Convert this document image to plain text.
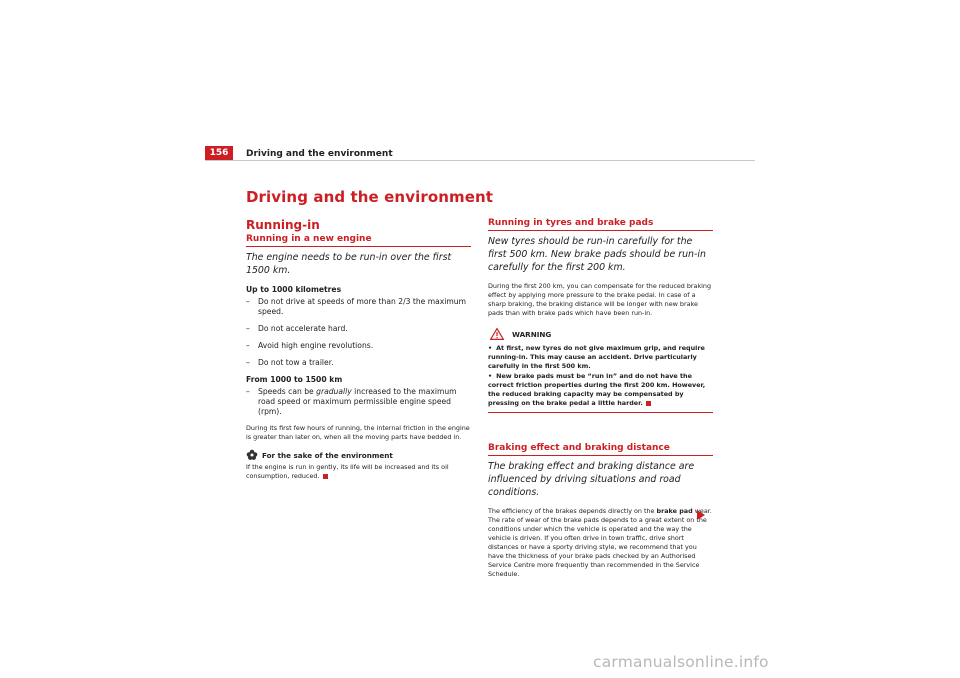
156	Driving and the environment
Driving and the environment
Running-in
Running in a new engine
The engine needs to be run-in over the first 1500 km.
Up to 1000 kilometres
– Do not drive at speeds of more than 2/3 the maximum speed.
– Do not accelerate hard.
– Avoid high engine revolutions.
– Do not tow a trailer.
From 1000 to 1500 km
– Speeds can be gradually increased to the maximum road speed or maximum permissible engine speed (rpm).
During its first few hours of running, the internal friction in the engine is greater than later on, when all the moving parts have bedded in.
For the sake of the environment
If the engine is run in gently, its life will be increased and its oil consumption, reduced.
Running in tyres and brake pads
New tyres should be run-in carefully for the first 500 km. New brake pads should be run-in carefully for the first 200 km.
During the first 200 km, you can compensate for the reduced braking effect by applying more pressure to the brake pedal. In case of a sharp braking, the braking distance will be longer with new brake pads than with brake pads which have been run-in.
WARNING
• At first, new tyres do not give maximum grip, and require running-in. This may cause an accident. Drive particularly carefully in the first 500 km.
• New brake pads must be “run in” and do not have the correct friction properties during the first 200 km. However, the reduced braking capacity may be compensated by pressing on the brake pedal a little harder.
Braking effect and braking distance
The braking effect and braking distance are influenced by driving situations and road conditions.
The efficiency of the brakes depends directly on the brake pad wear. The rate of wear of the brake pads depends to a great extent on the conditions under which the vehicle is operated and the way the vehicle is driven. If you often drive in town traffic, drive short distances or have a sporty driving style, we recommend that you have the thickness of your brake pads checked by an Authorised Service Centre more frequently than recommended in the Service Schedule.
carmanualsonline.info
